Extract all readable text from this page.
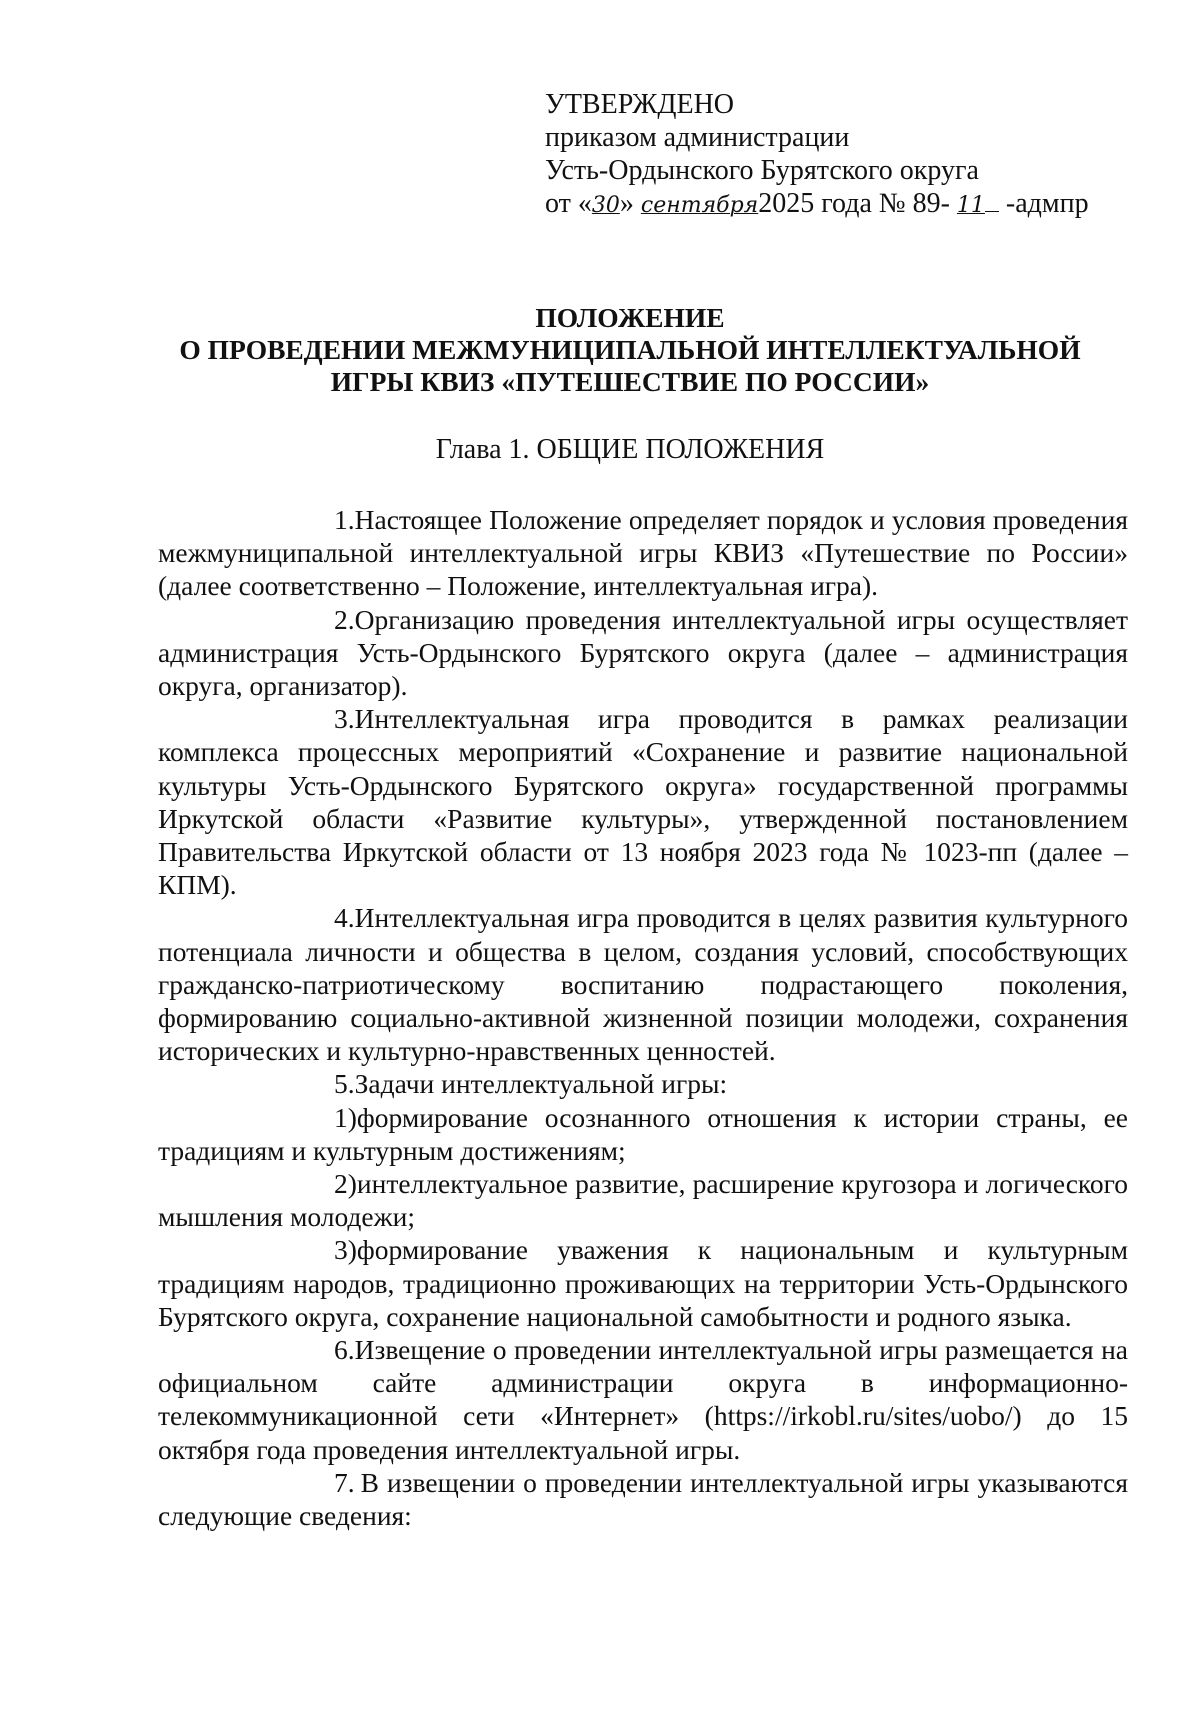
УТВЕРЖДЕНО
приказом администрации
Усть-Ордынского Бурятского округа
от «30» сентября2025 года № 89- 11 -адмпр
ПОЛОЖЕНИЕ
О ПРОВЕДЕНИИ МЕЖМУНИЦИПАЛЬНОЙ ИНТЕЛЛЕКТУАЛЬНОЙ
ИГРЫ КВИЗ «ПУТЕШЕСТВИЕ ПО РОССИИ»
Глава 1. ОБЩИЕ ПОЛОЖЕНИЯ

1.Настоящее Положение определяет порядок и условия проведения межмуниципальной интеллектуальной игры КВИЗ «Путешествие по России» (далее соответственно – Положение, интеллектуальная игра).

2.Организацию проведения интеллектуальной игры осуществляет администрация Усть-Ордынского Бурятского округа (далее – администрация округа, организатор).

3.Интеллектуальная игра проводится в рамках реализации комплекса процессных мероприятий «Сохранение и развитие национальной культуры Усть-Ордынского Бурятского округа» государственной программы Иркутской области «Развитие культуры», утвержденной постановлением Правительства Иркутской области от 13 ноября 2023 года № 1023-пп (далее – КПМ).

4.Интеллектуальная игра проводится в целях развития культурного потенциала личности и общества в целом, создания условий, способствующих гражданско-патриотическому воспитанию подрастающего поколения, формированию социально-активной жизненной позиции молодежи, сохранения исторических и культурно-нравственных ценностей.

5.Задачи интеллектуальной игры:

1)формирование осознанного отношения к истории страны, ее традициям и культурным достижениям;

2)интеллектуальное развитие, расширение кругозора и логического мышления молодежи;

3)формирование уважения к национальным и культурным традициям народов, традиционно проживающих на территории Усть-Ордынского Бурятского округа, сохранение национальной самобытности и родного языка.

6.Извещение о проведении интеллектуальной игры размещается на официальном сайте администрации округа в информационно-телекоммуникационной сети «Интернет» (https://irkobl.ru/sites/uobo/) до 15 октября года проведения интеллектуальной игры.

7. В извещении о проведении интеллектуальной игры указываются следующие сведения:
